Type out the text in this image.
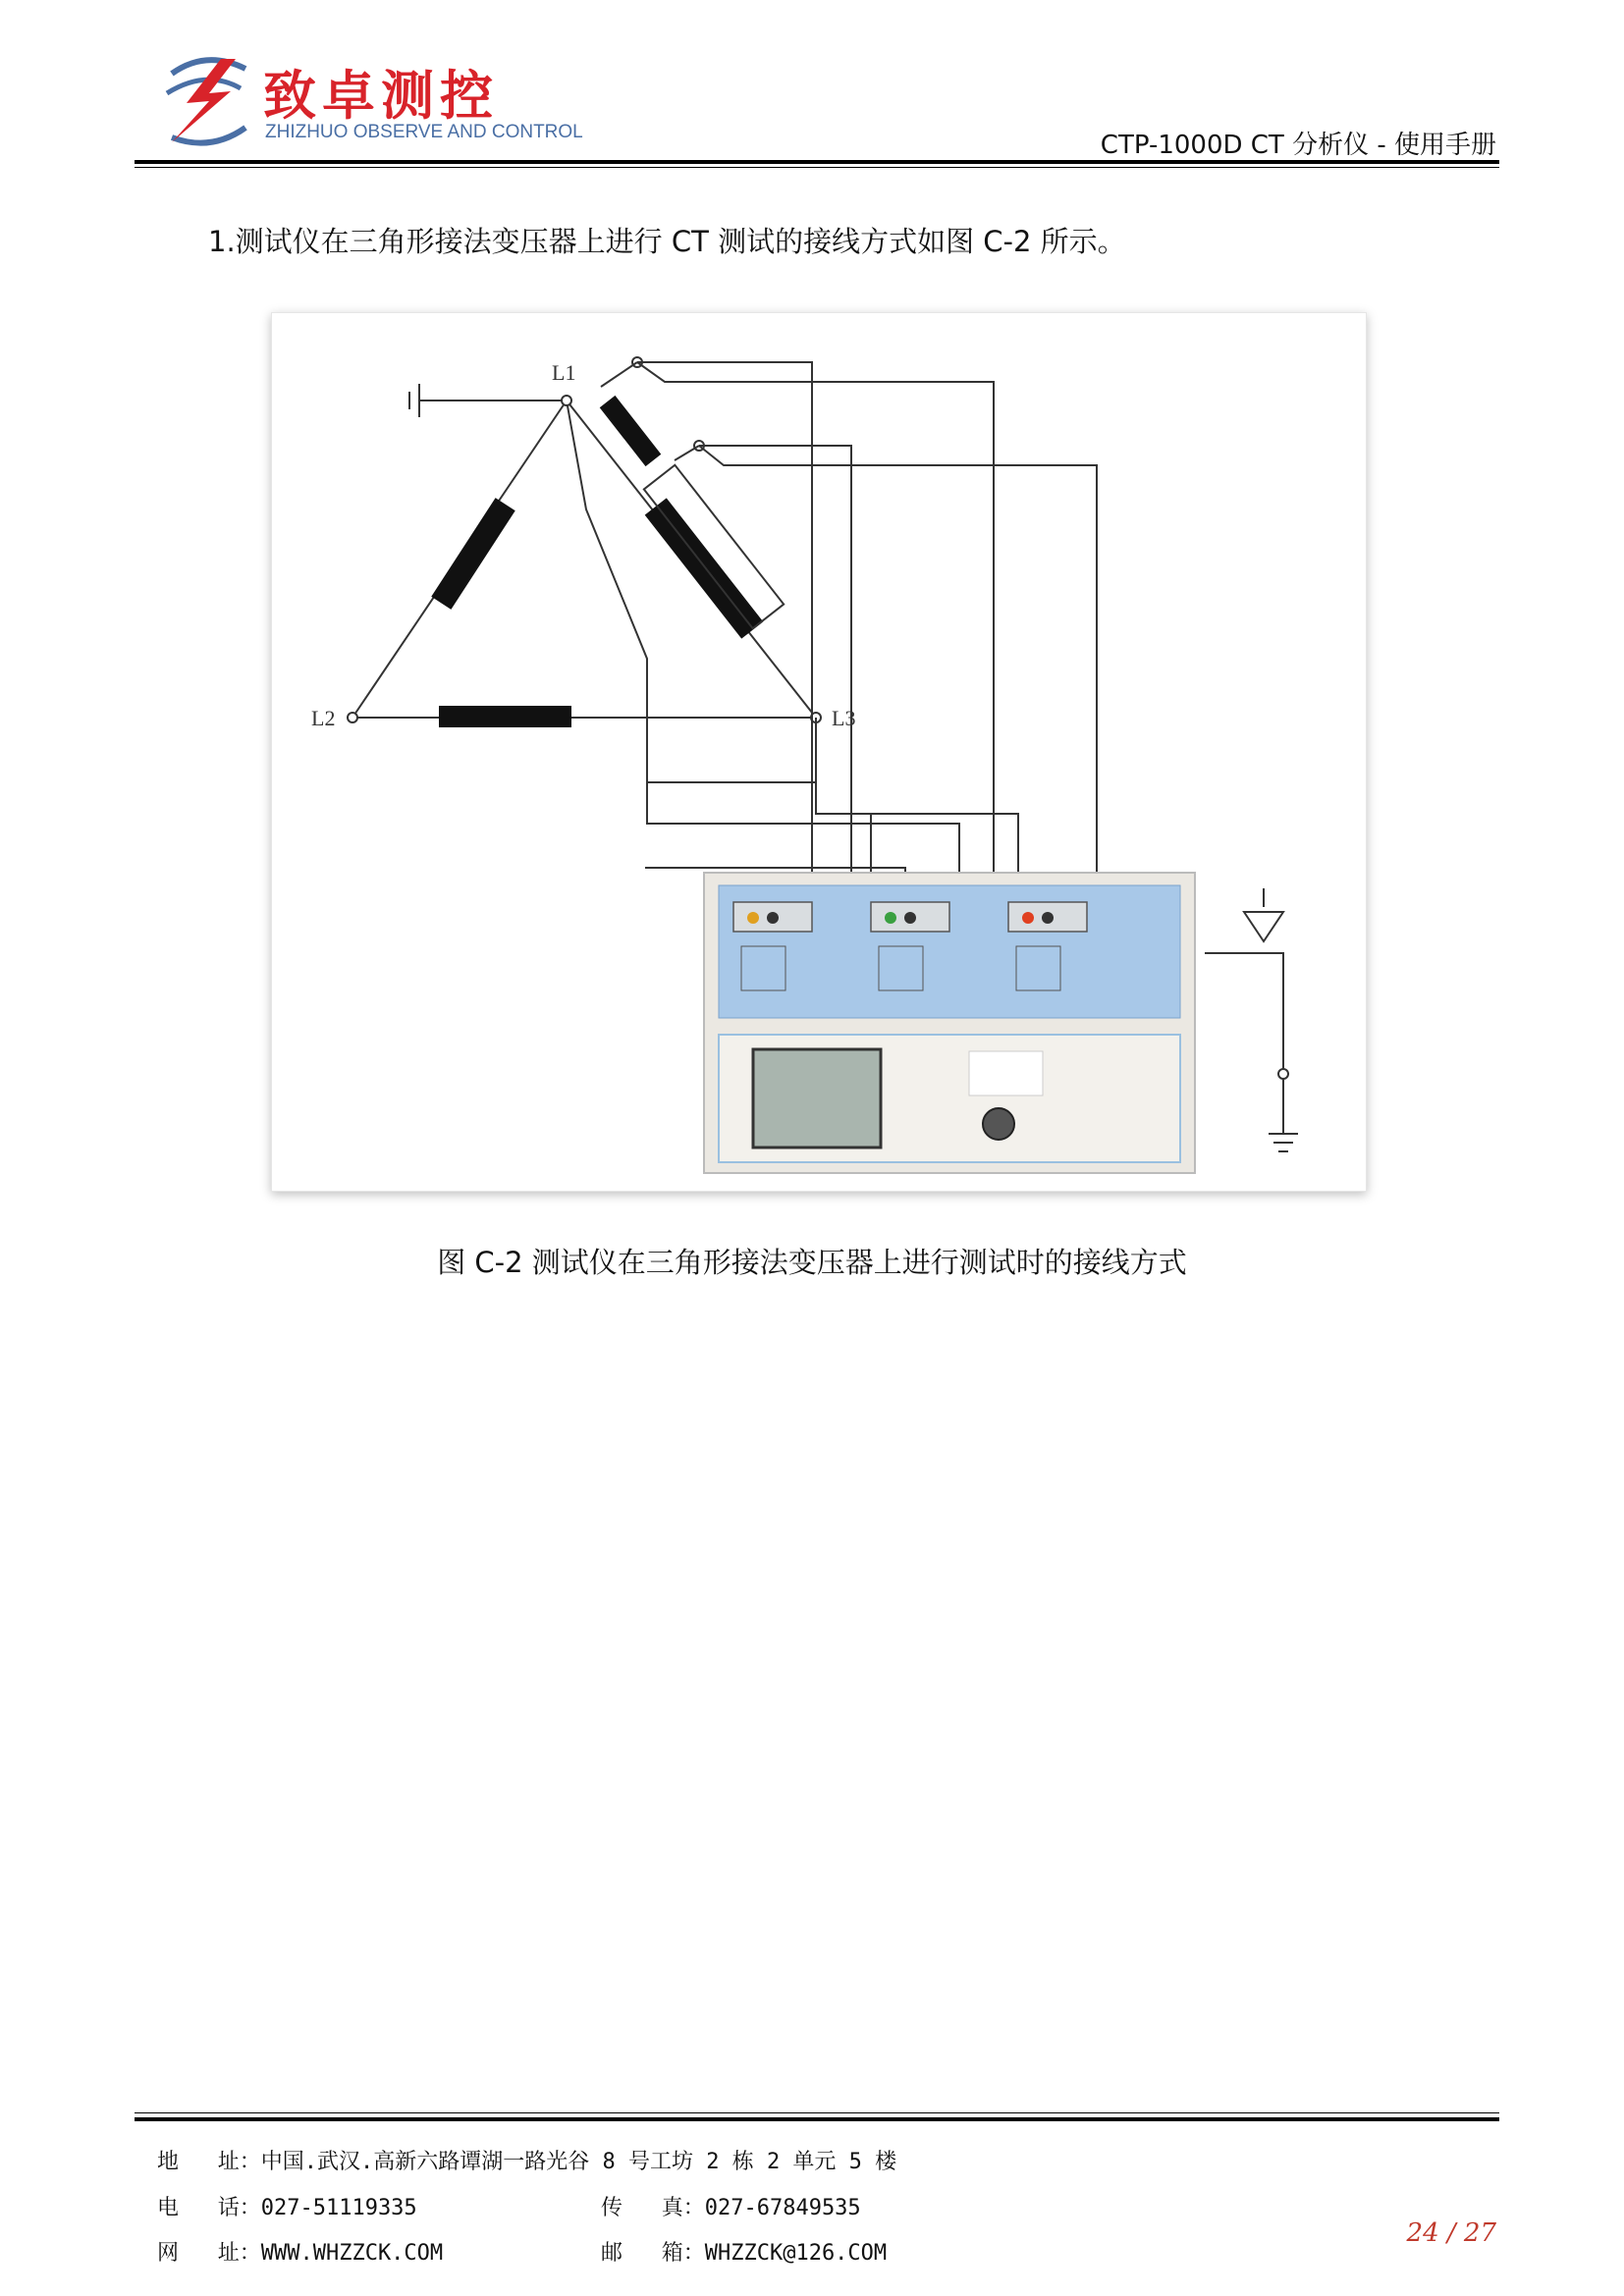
致卓测控
ZHIZHUO OBSERVE AND CONTROL	CTP-1000D CT 分析仪 - 使用手册
1.测试仪在三角形接法变压器上进行 CT 测试的接线方式如图 C-2 所示。
L1
L2	L3
图 C-2 测试仪在三角形接法变压器上进行测试时的接线方式
地   址：中国.武汉.高新六路谭湖一路光谷 8 号工坊 2 栋 2 单元 5 楼
电   话：027-51119335	传   真：027-67849535
网   址：WWW.WHZZCK.COM	邮   箱：WHZZCK@126.COM
24 / 27
